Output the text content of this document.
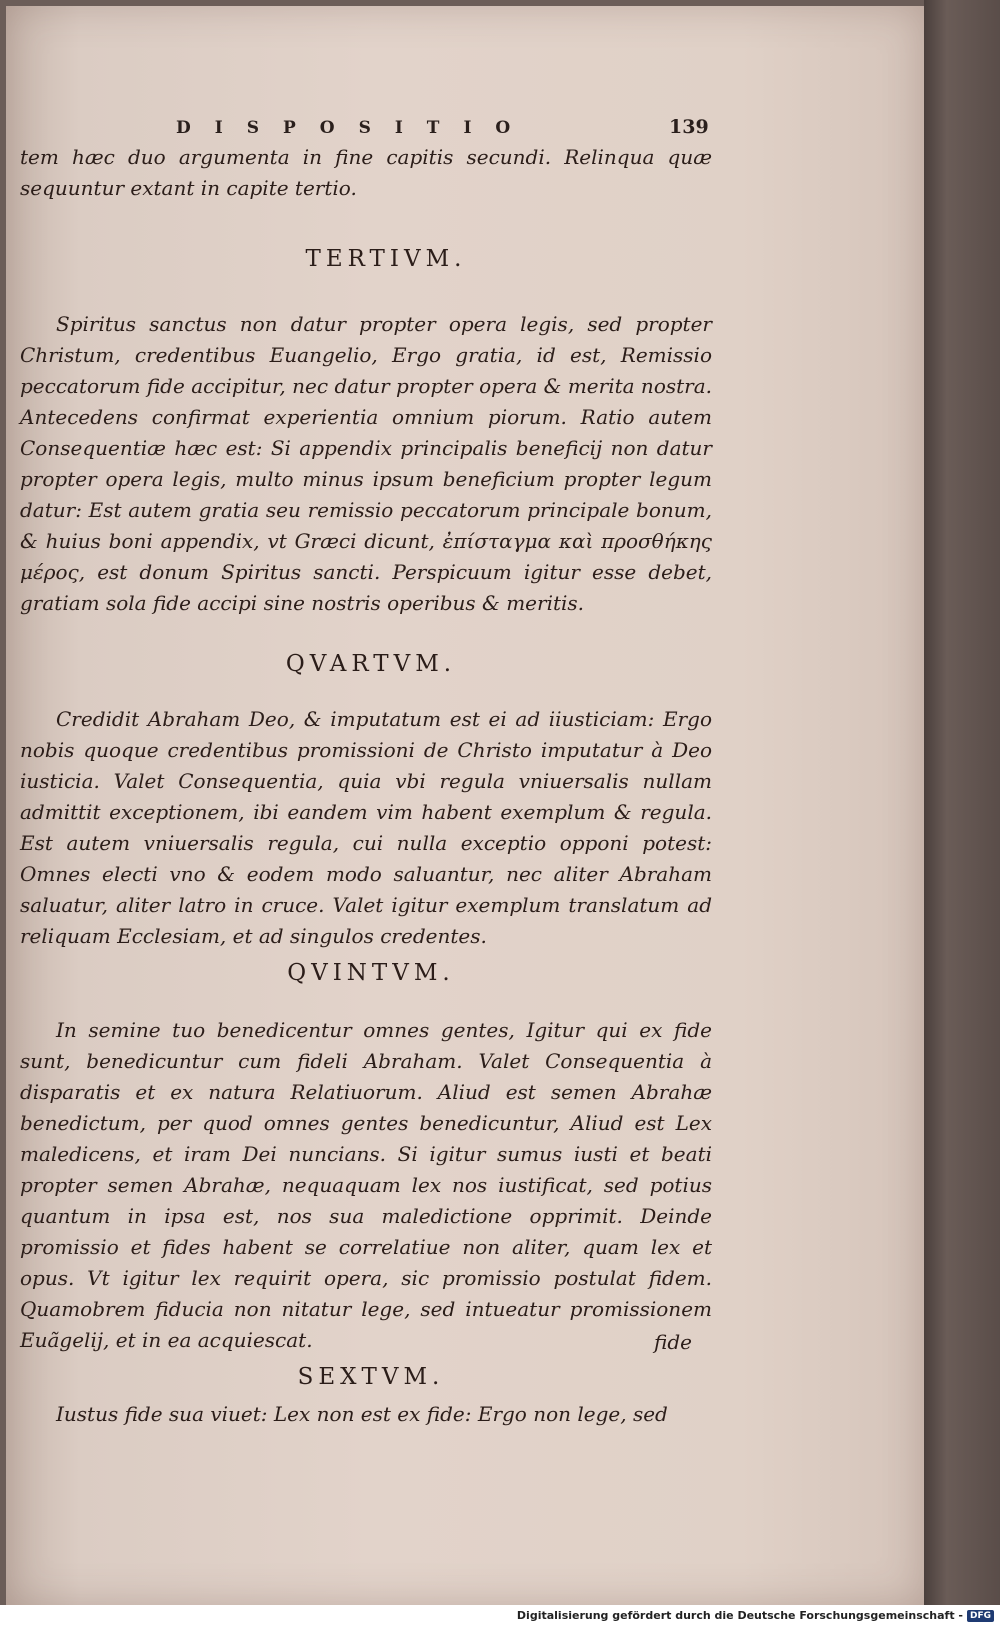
DISPOSITIO	139

tem hæc duo argumenta in fine capitis secundi. Relinqua quæ sequuntur extant in capite tertio.

TERTIVM.

Spiritus sanctus non datur propter opera legis, sed propter Christum, credentibus Euangelio, Ergo gratia, id est, Remissio peccatorum fide accipitur, nec datur propter opera & merita nostra. Antecedens confirmat experientia omnium piorum. Ratio autem Consequentiæ hæc est: Si appendix principalis beneficij non datur propter opera legis, multo minus ipsum beneficium propter legum datur: Est autem gratia seu remissio peccatorum principale bonum, & huius boni appendix, vt Græci dicunt, ἐπίσταγμα καὶ προσθήκης μέρος, est donum Spiritus sancti. Perspicuum igitur esse debet, gratiam sola fide accipi sine nostris operibus & meritis.

QVARTVM.

Credidit Abraham Deo, & imputatum est ei ad iiusticiam: Ergo nobis quoque credentibus promissioni de Christo imputatur à Deo iusticia. Valet Consequentia, quia vbi regula vniuersalis nullam admittit exceptionem, ibi eandem vim habent exemplum & regula. Est autem vniuersalis regula, cui nulla exceptio opponi potest: Omnes electi vno & eodem modo saluantur, nec aliter Abraham saluatur, aliter latro in cruce. Valet igitur exemplum translatum ad reliquam Ecclesiam, et ad singulos credentes.

QVINTVM.

In semine tuo benedicentur omnes gentes, Igitur qui ex fide sunt, benedicuntur cum fideli Abraham. Valet Consequentia à disparatis et ex natura Relatiuorum. Aliud est semen Abrahæ benedictum, per quod omnes gentes benedicuntur, Aliud est Lex maledicens, et iram Dei nuncians. Si igitur sumus iusti et beati propter semen Abrahæ, nequaquam lex nos iustificat, sed potius quantum in ipsa est, nos sua maledictione opprimit. Deinde promissio et fides habent se correlatiue non aliter, quam lex et opus. Vt igitur lex requirit opera, sic promissio postulat fidem. Quamobrem fiducia non nitatur lege, sed intueatur promissionem Euãgelij, et in ea acquiescat.

SEXTVM.

Iustus fide sua viuet: Lex non est ex fide: Ergo non lege, sed

fide
Digitalisierung gefördert durch die Deutsche Forschungsgemeinschaft - DFG
